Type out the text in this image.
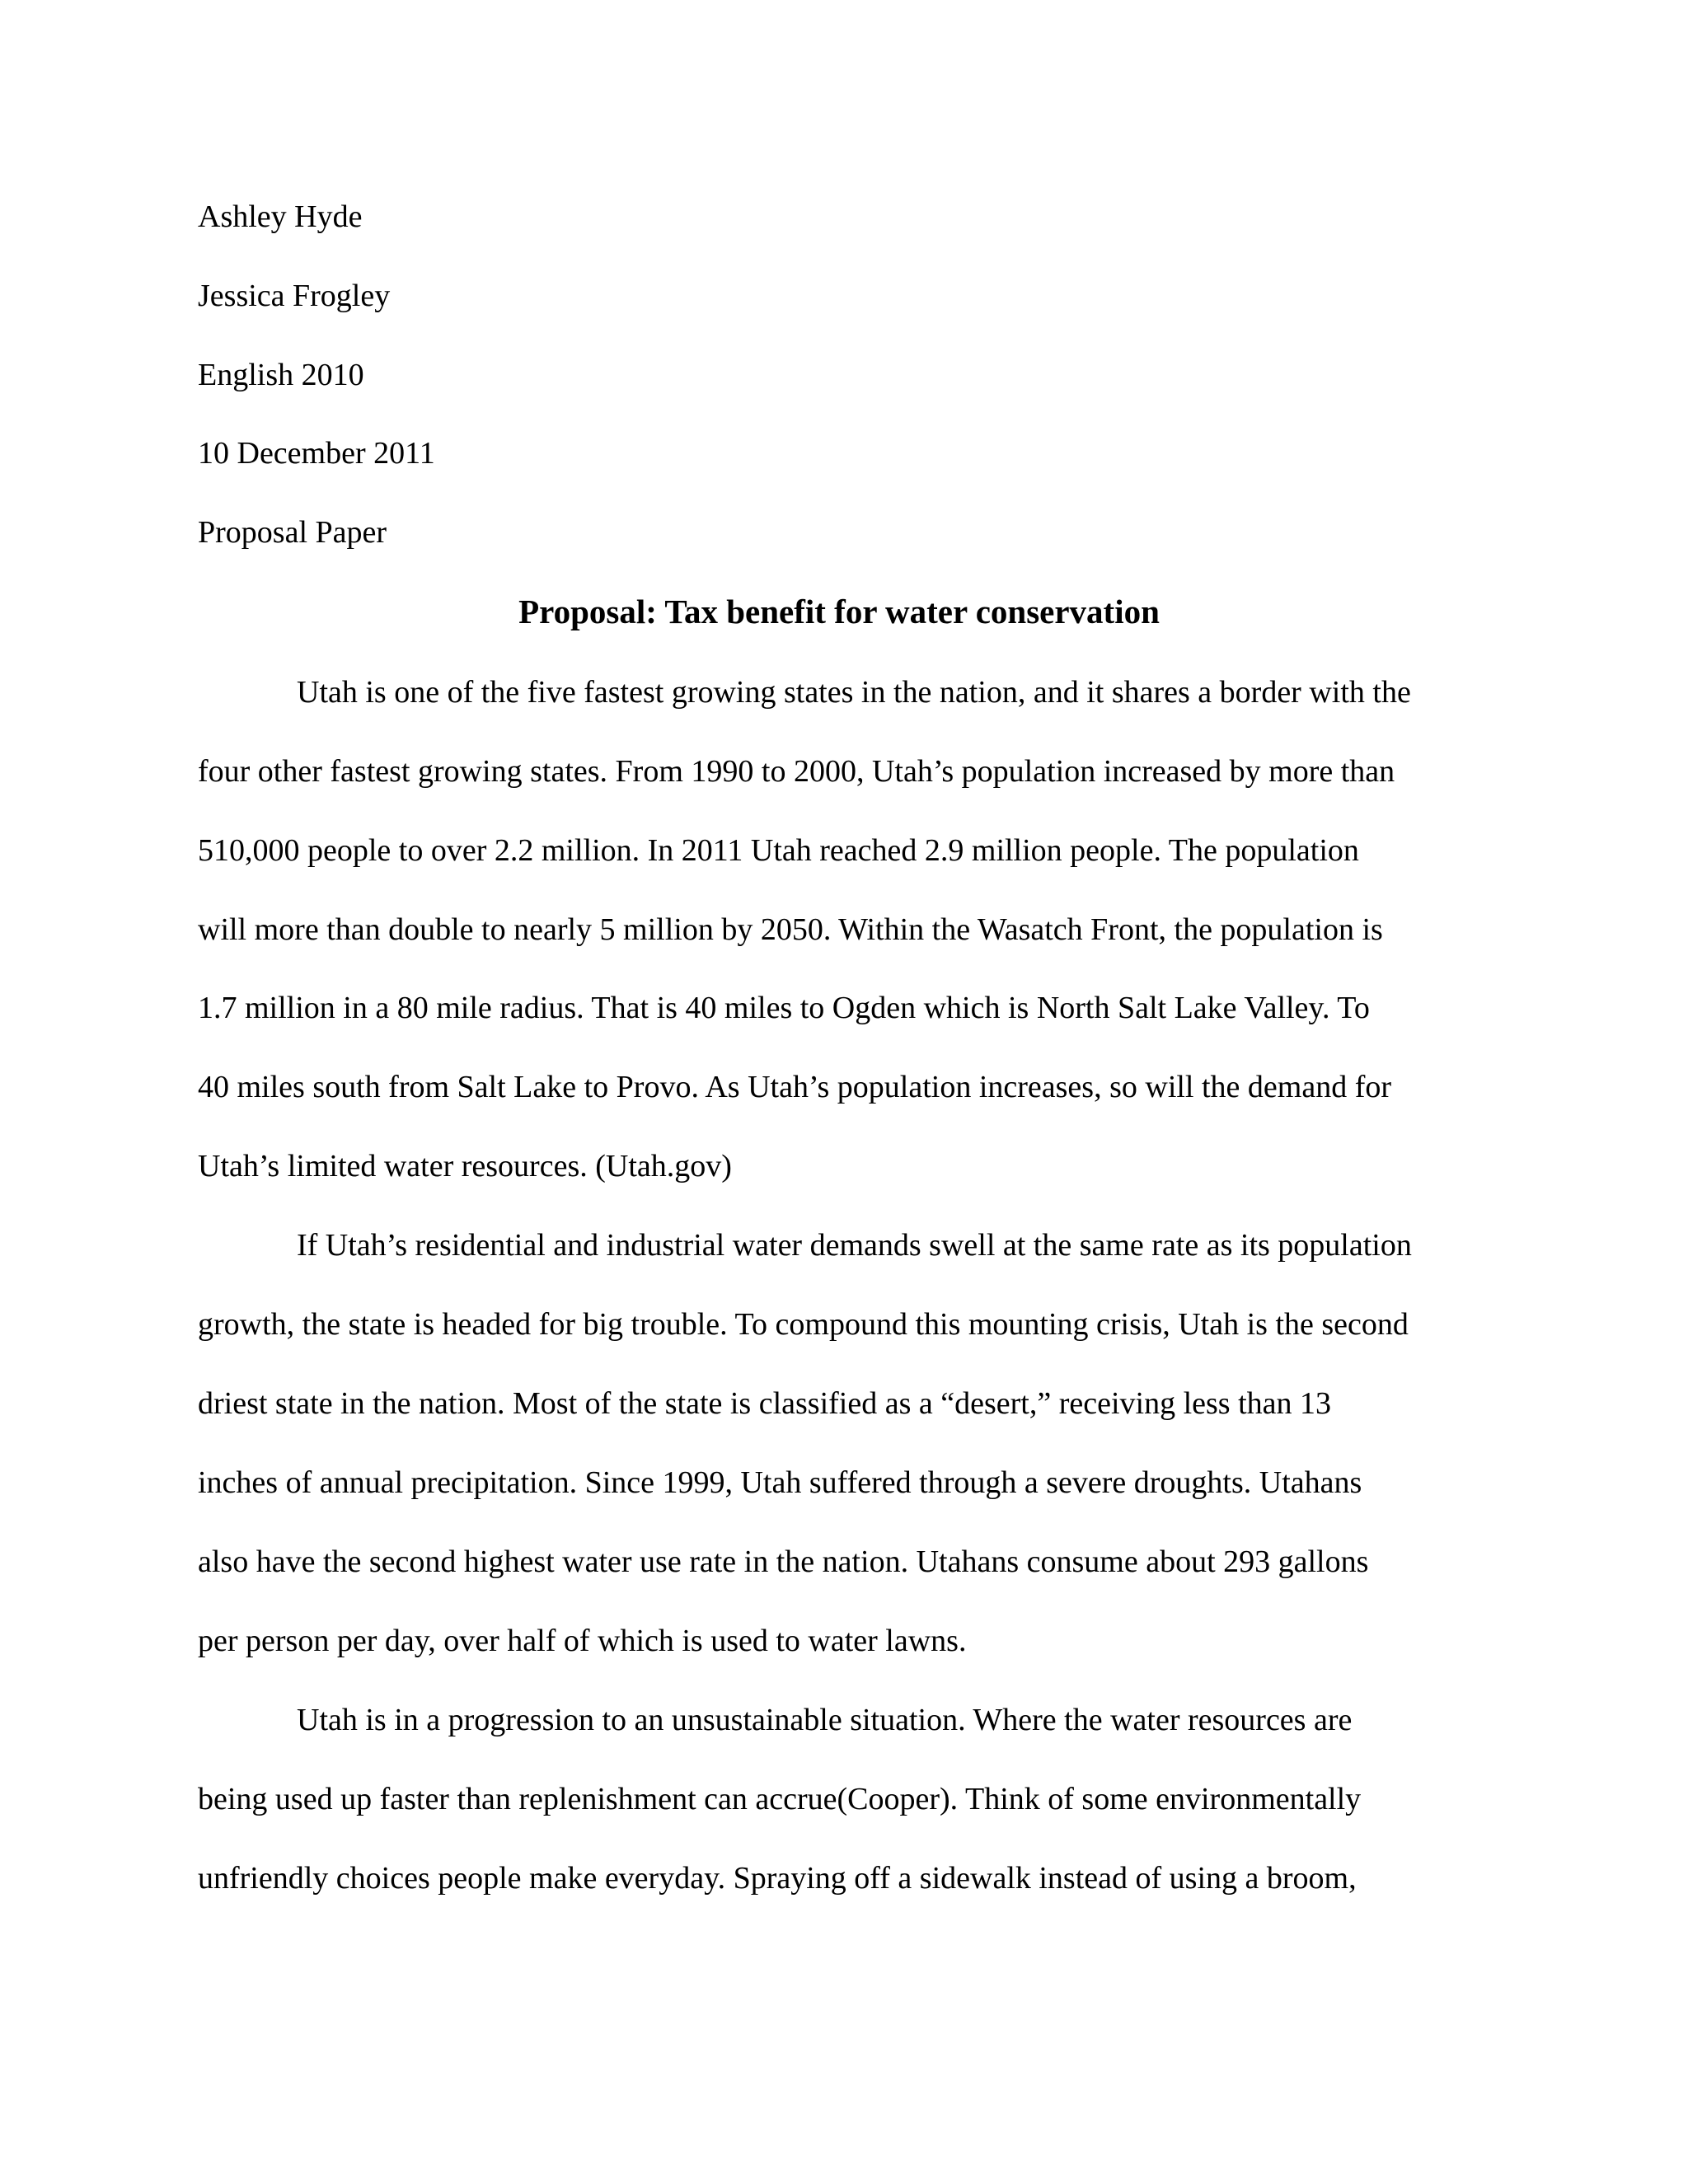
Ashley Hyde
Jessica Frogley
English 2010
10 December 2011
Proposal Paper
Proposal: Tax benefit for water conservation
Utah is one of the five fastest growing states in the nation, and it shares a border with the
four other fastest growing states. From 1990 to 2000, Utah’s population increased by more than
510,000 people to over 2.2 million. In 2011 Utah reached 2.9 million people. The population
will more than double to nearly 5 million by 2050. Within the Wasatch Front, the population is
1.7 million in a 80 mile radius. That is 40 miles to Ogden which is North Salt Lake Valley. To
40 miles south from Salt Lake to Provo. As Utah’s population increases, so will the demand for
Utah’s limited water resources. (Utah.gov)
If Utah’s residential and industrial water demands swell at the same rate as its population
growth, the state is headed for big trouble. To compound this mounting crisis, Utah is the second
driest state in the nation. Most of the state is classified as a “desert,” receiving less than 13
inches of annual precipitation. Since 1999, Utah suffered through a severe droughts. Utahans
also have the second highest water use rate in the nation. Utahans consume about 293 gallons
per person per day, over half of which is used to water lawns.
Utah is in a progression to an unsustainable situation. Where the water resources are
being used up faster than replenishment can accrue(Cooper). Think of some environmentally
unfriendly choices people make everyday. Spraying off a sidewalk instead of using a broom,
